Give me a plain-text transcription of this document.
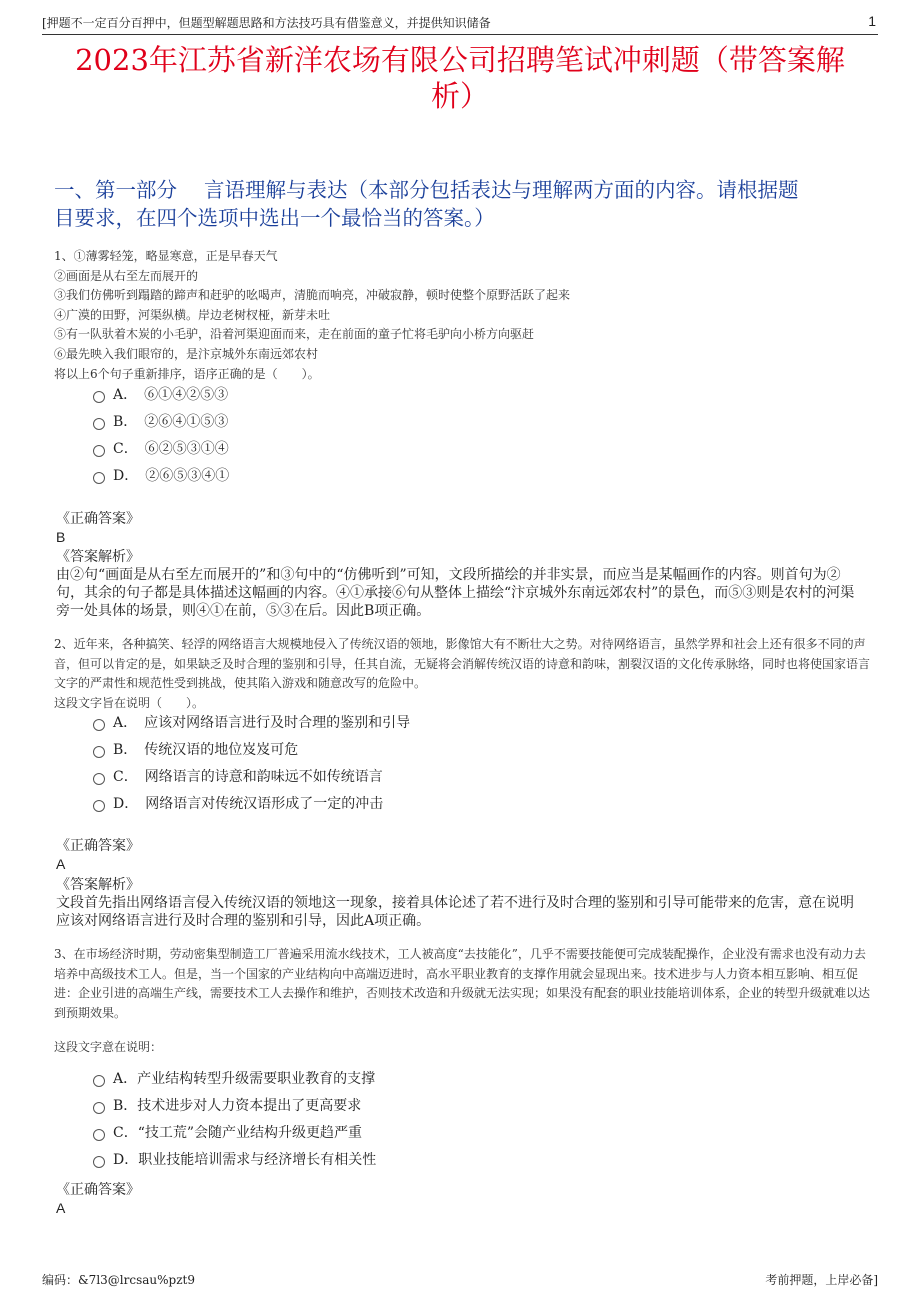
[押题不一定百分百押中，但题型解题思路和方法技巧具有借鉴意义，并提供知识储备	1
2023年江苏省新洋农场有限公司招聘笔试冲刺题（带答案解
析）
一、第一部分　 言语理解与表达（本部分包括表达与理解两方面的内容。请根据题
目要求，在四个选项中选出一个最恰当的答案。）

1、①薄雾轻笼，略显寒意，正是早春天气

②画面是从右至左而展开的

③我们仿佛听到蹋踏的蹄声和赶驴的吆喝声，清脆而响亮，冲破寂静，顿时使整个原野活跃了起来

④广漠的田野，河渠纵横。岸边老树杈桠，新芽未吐

⑤有一队驮着木炭的小毛驴，沿着河渠迎面而来，走在前面的童子忙将毛驴向小桥方向驱赶

⑥最先映入我们眼帘的，是汴京城外东南远郊农村

将以上6个句子重新排序，语序正确的是（　　）。

A．　⑥①④②⑤③
B．　②⑥④①⑤③
C．　⑥②⑤③①④
D．　②⑥⑤③④①
《正确答案》
B

《答案解析》

由②句“画面是从右至左而展开的”和③句中的“仿佛听到”可知，文段所描绘的并非实景，而应当是某幅画作的内容。则首句为②句，其余的句子都是具体描述这幅画的内容。④①承接⑥句从整体上描绘“汴京城外东南远郊农村”的景色，而⑤③则是农村的河渠旁一处具体的场景，则④①在前，⑤③在后。因此B项正确。

2、近年来，各种搞笑、轻浮的网络语言大规模地侵入了传统汉语的领地，影像馆大有不断壮大之势。对待网络语言，虽然学界和社会上还有很多不同的声音，但可以肯定的是，如果缺乏及时合理的鉴别和引导，任其自流，无疑将会消解传统汉语的诗意和韵味，割裂汉语的文化传承脉络，同时也将使国家语言文字的严肃性和规范性受到挑战，使其陷入游戏和随意改写的危险中。

这段文字旨在说明（　　）。

A．　应该对网络语言进行及时合理的鉴别和引导
B．　传统汉语的地位岌岌可危
C．　网络语言的诗意和韵味远不如传统语言
D．　网络语言对传统汉语形成了一定的冲击
《正确答案》
A

《答案解析》

文段首先指出网络语言侵入传统汉语的领地这一现象，接着具体论述了若不进行及时合理的鉴别和引导可能带来的危害，意在说明应该对网络语言进行及时合理的鉴别和引导，因此A项正确。

3、在市场经济时期，劳动密集型制造工厂普遍采用流水线技术，工人被高度“去技能化”，几乎不需要技能便可完成装配操作，企业没有需求也没有动力去培养中高级技术工人。但是，当一个国家的产业结构向中高端迈进时，高水平职业教育的支撑作用就会显现出来。技术进步与人力资本相互影响、相互促进：企业引进的高端生产线，需要技术工人去操作和维护，否则技术改造和升级就无法实现；如果没有配套的职业技能培训体系，企业的转型升级就难以达到预期效果。

这段文字意在说明：

A．产业结构转型升级需要职业教育的支撑
B．技术进步对人力资本提出了更高要求
C．“技工荒”会随产业结构升级更趋严重
D．职业技能培训需求与经济增长有相关性
《正确答案》
A
编码：&7l3@lrcsau%pzt9	考前押题，上岸必备]
